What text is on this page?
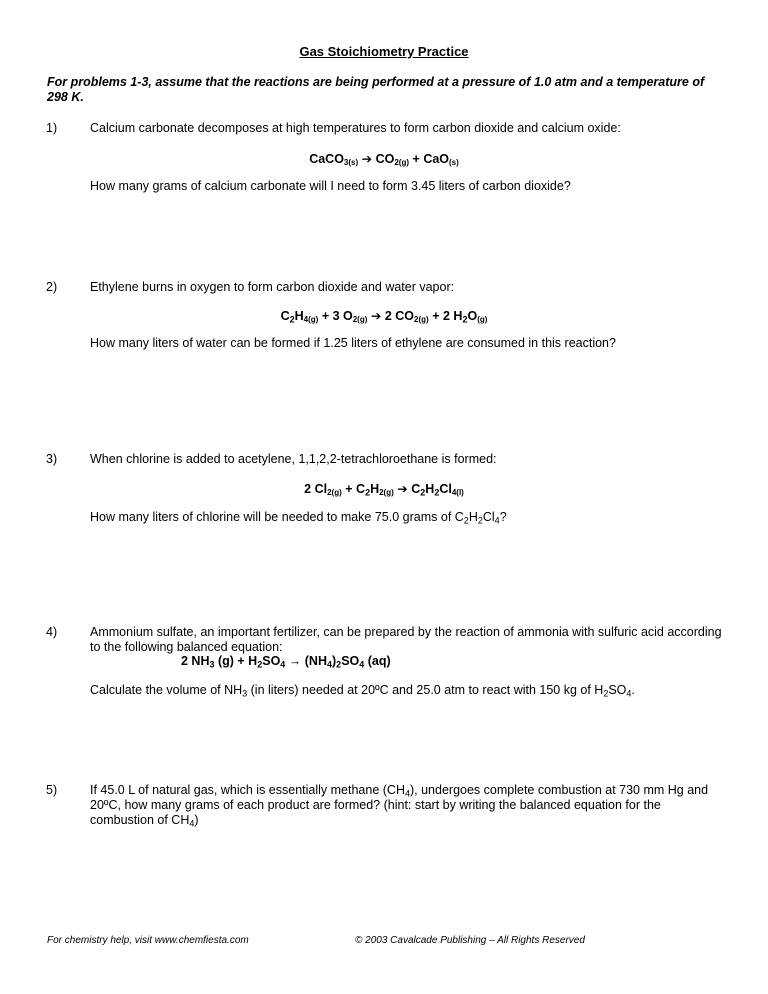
Gas Stoichiometry Practice
For problems 1-3, assume that the reactions are being performed at a pressure of 1.0 atm and a temperature of 298 K.
1)	Calcium carbonate decomposes at high temperatures to form carbon dioxide and calcium oxide:
CaCO$_{3(s)}$ ➔ $CO_{2(g)} + CaO_{(s)}$
How many grams of calcium carbonate will I need to form 3.45 liters of carbon dioxide?
2)	Ethylene burns in oxygen to form carbon dioxide and water vapor:
$C_2H_{4(g)} + 3$ $O_{2(g)}$ ➔ 2 $CO_{2(g)} + 2$ $H_2O_{(g)}$
How many liters of water can be formed if 1.25 liters of ethylene are consumed in this reaction?
3)	When chlorine is added to acetylene, 1,1,2,2-tetrachloroethane is formed:
2 $Cl_{2(g)} + C_2H_{2(g)}$ ➔ $C_2H_2Cl_{4(l)}$
How many liters of chlorine will be needed to make 75.0 grams of $C_2H_2Cl_4$?
4)	Ammonium sulfate, an important fertilizer, can be prepared by the reaction of ammonia with sulfuric acid according to the following balanced equation:
2 $NH_3$ $(g) + H_2SO_4 \to (NH_4)_2SO_4$ (aq)
Calculate the volume of $NH_3$ (in liters) needed at 20ºC and 25.0 atm to react with 150 kg of $H_2SO_4$.
5)	If 45.0 L of natural gas, which is essentially methane $(CH_4)$, undergoes complete combustion at 730 mm Hg and 20ºC, how many grams of each product are formed? (hint: start by writing the balanced equation for the combustion of $CH_4$)
For chemistry help, visit www.chemfiesta.com	© 2003 Cavalcade Publishing – All Rights Reserved
